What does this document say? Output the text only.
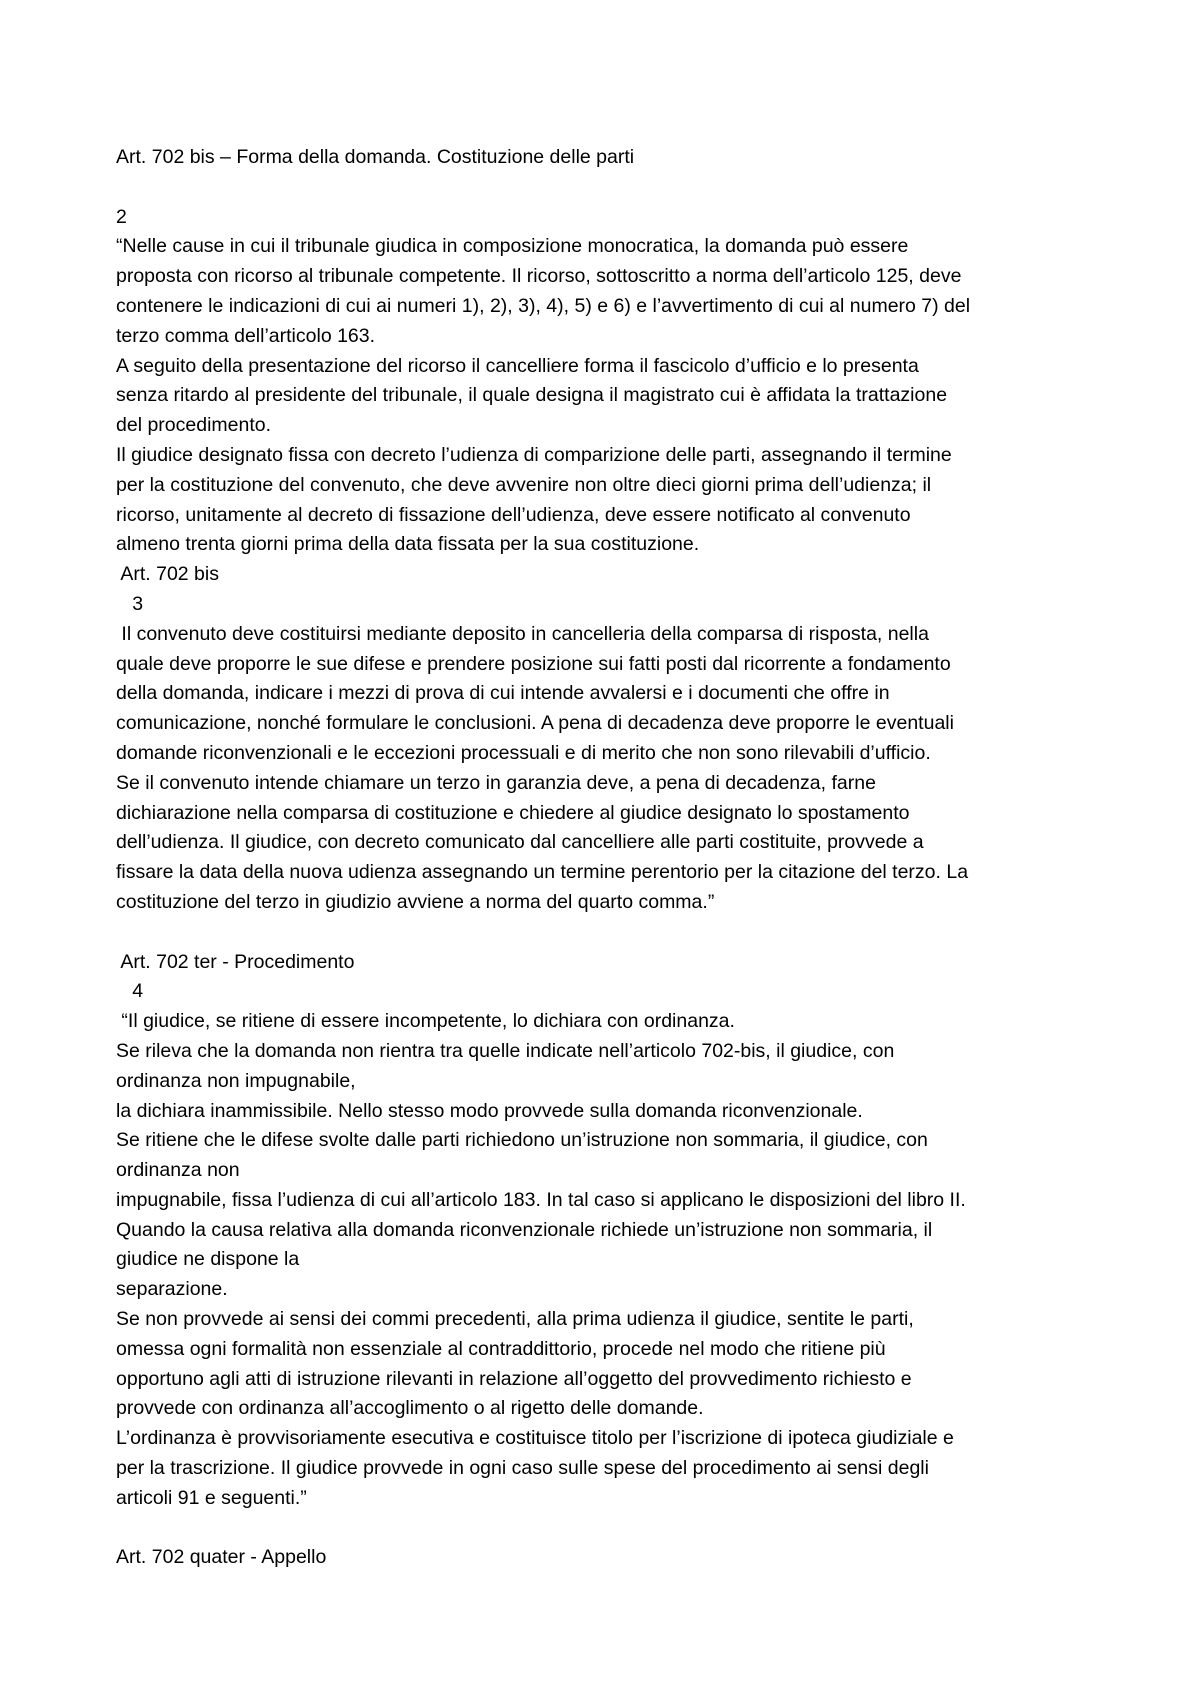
Art. 702 bis – Forma della domanda. Costituzione delle parti
2
“Nelle cause in cui il tribunale giudica in composizione monocratica, la domanda può essere
proposta con ricorso al tribunale competente. Il ricorso, sottoscritto a norma dell’articolo 125, deve
contenere le indicazioni di cui ai numeri 1), 2), 3), 4), 5) e 6) e l’avvertimento di cui al numero 7) del
terzo comma dell’articolo 163.
A seguito della presentazione del ricorso il cancelliere forma il fascicolo d’ufficio e lo presenta
senza ritardo al presidente del tribunale, il quale designa il magistrato cui è affidata la trattazione
del procedimento.
Il giudice designato fissa con decreto l’udienza di comparizione delle parti, assegnando il termine
per la costituzione del convenuto, che deve avvenire non oltre dieci giorni prima dell’udienza; il
ricorso, unitamente al decreto di fissazione dell’udienza, deve essere notificato al convenuto
almeno trenta giorni prima della data fissata per la sua costituzione.
Art. 702 bis
3
Il convenuto deve costituirsi mediante deposito in cancelleria della comparsa di risposta, nella
quale deve proporre le sue difese e prendere posizione sui fatti posti dal ricorrente a fondamento
della domanda, indicare i mezzi di prova di cui intende avvalersi e i documenti che offre in
comunicazione, nonché formulare le conclusioni. A pena di decadenza deve proporre le eventuali
domande riconvenzionali e le eccezioni processuali e di merito che non sono rilevabili d’ufficio.
Se il convenuto intende chiamare un terzo in garanzia deve, a pena di decadenza, farne
dichiarazione nella comparsa di costituzione e chiedere al giudice designato lo spostamento
dell’udienza. Il giudice, con decreto comunicato dal cancelliere alle parti costituite, provvede a
fissare la data della nuova udienza assegnando un termine perentorio per la citazione del terzo. La
costituzione del terzo in giudizio avviene a norma del quarto comma.”
Art. 702 ter - Procedimento
4
“Il giudice, se ritiene di essere incompetente, lo dichiara con ordinanza.
Se rileva che la domanda non rientra tra quelle indicate nell’articolo 702-bis, il giudice, con
ordinanza non impugnabile,
la dichiara inammissibile. Nello stesso modo provvede sulla domanda riconvenzionale.
Se ritiene che le difese svolte dalle parti richiedono un’istruzione non sommaria, il giudice, con
ordinanza non
impugnabile, fissa l’udienza di cui all’articolo 183. In tal caso si applicano le disposizioni del libro II.
Quando la causa relativa alla domanda riconvenzionale richiede un’istruzione non sommaria, il
giudice ne dispone la
separazione.
Se non provvede ai sensi dei commi precedenti, alla prima udienza il giudice, sentite le parti,
omessa ogni formalità non essenziale al contraddittorio, procede nel modo che ritiene più
opportuno agli atti di istruzione rilevanti in relazione all’oggetto del provvedimento richiesto e
provvede con ordinanza all’accoglimento o al rigetto delle domande.
L’ordinanza è provvisoriamente esecutiva e costituisce titolo per l’iscrizione di ipoteca giudiziale e
per la trascrizione. Il giudice provvede in ogni caso sulle spese del procedimento ai sensi degli
articoli 91 e seguenti.”
Art. 702 quater - Appello
